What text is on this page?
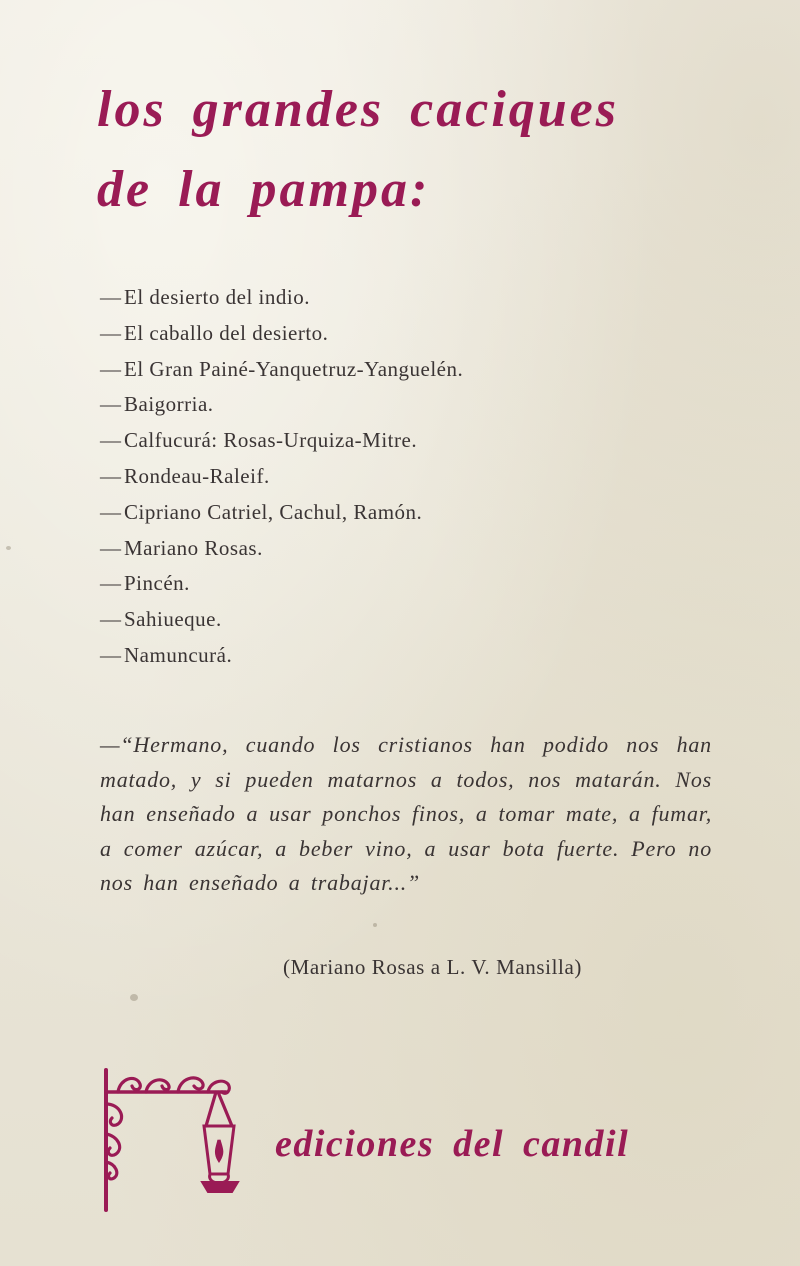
los grandes caciques
de la pampa:
— El desierto del indio.
— El caballo del desierto.
— El Gran Painé-Yanquetruz-Yanguelén.
— Baigorria.
— Calfucurá: Rosas-Urquiza-Mitre.
— Rondeau-Raleif.
— Cipriano Catriel, Cachul, Ramón.
— Mariano Rosas.
— Pincén.
— Sahiueque.
— Namuncurá.

—“Hermano, cuando los cristianos han podido nos han matado, y si pueden matarnos a todos, nos matarán. Nos han enseñado a usar ponchos finos, a tomar mate, a fumar, a comer azúcar, a beber vino, a usar bota fuerte. Pero no nos han enseñado a trabajar...”

(Mariano Rosas a L. V. Mansilla)

ediciones del candil
